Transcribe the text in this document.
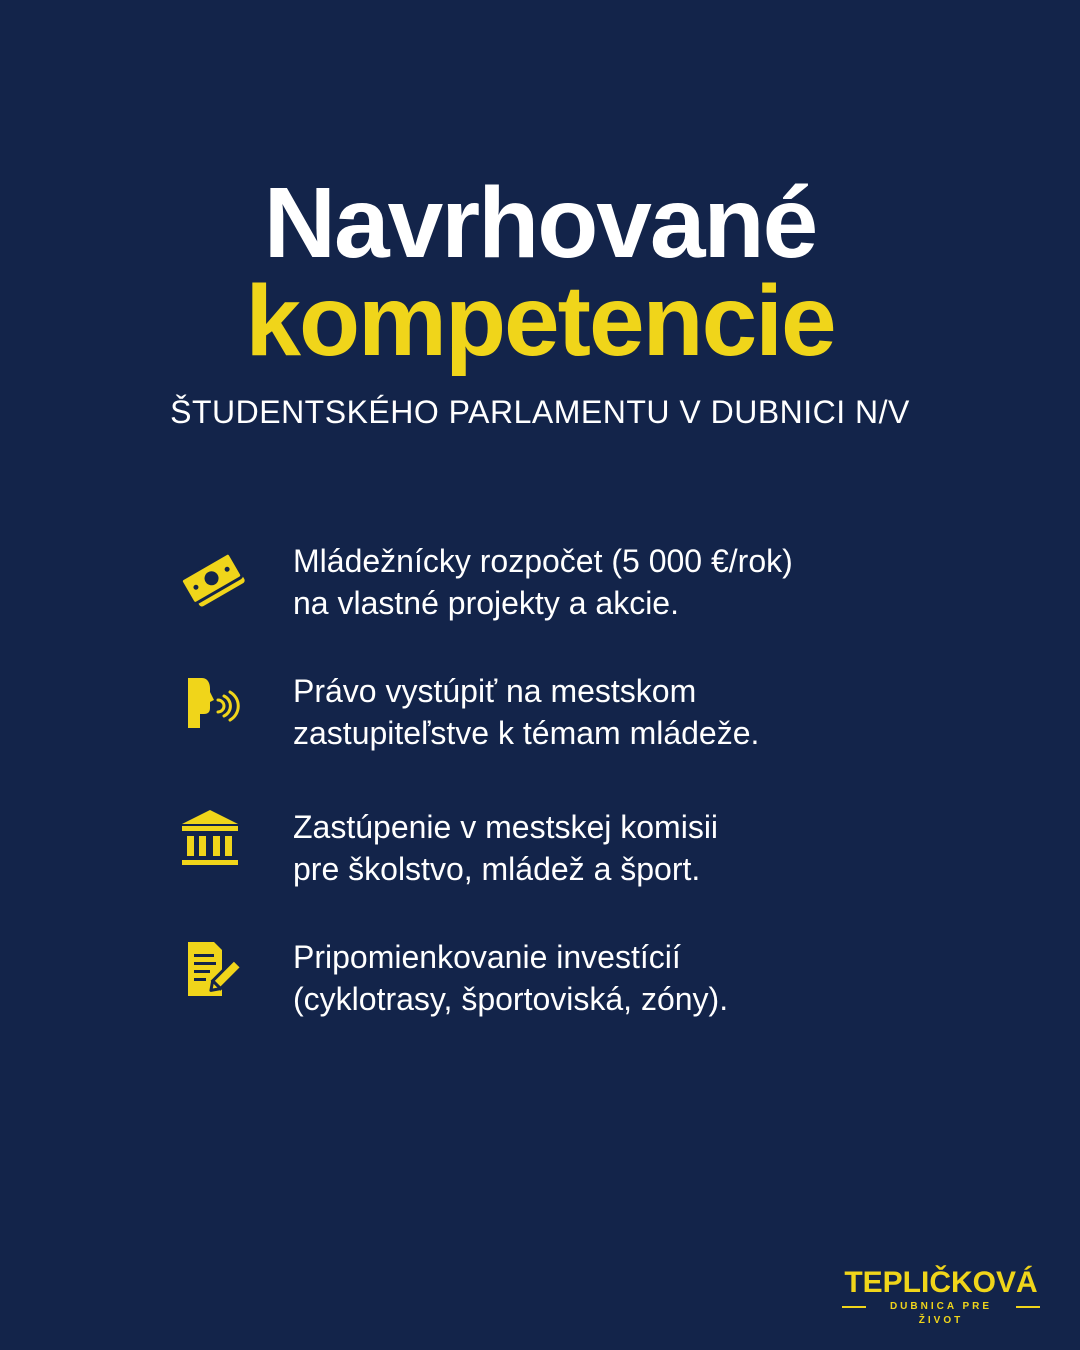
Navrhované
kompetencie
ŠTUDENTSKÉHO PARLAMENTU V DUBNICI N/V
Mládežnícky rozpočet (5 000 €/rok)
na vlastné projekty a akcie.
Právo vystúpiť na mestskom
zastupiteľstve k témam mládeže.
Zastúpenie v mestskej komisii
pre školstvo, mládež a šport.
Pripomienkovanie investícií
(cyklotrasy, športoviská, zóny).
TEPLIČKOVÁ
DUBNICA PRE ŽIVOT
